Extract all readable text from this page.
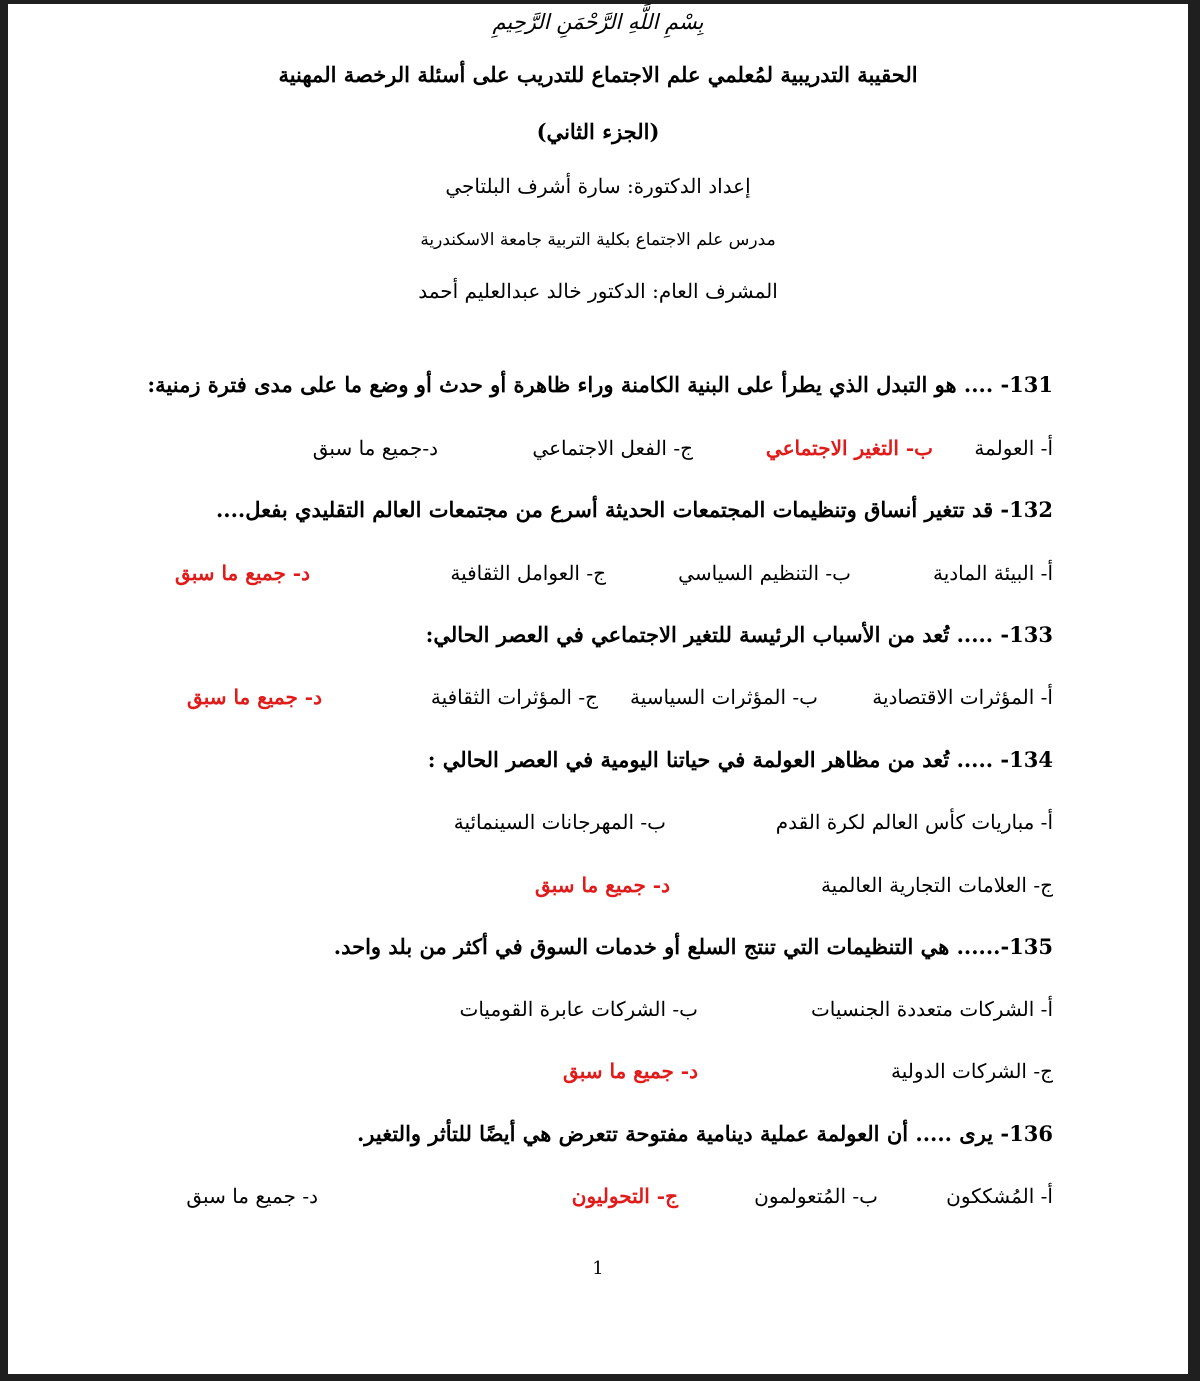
بِسْمِ اللَّهِ الرَّحْمَنِ الرَّحِيمِ
الحقيبة التدريبية لمُعلمي علم الاجتماع للتدريب على أسئلة الرخصة المهنية
(الجزء الثاني)
إعداد الدكتورة: سارة أشرف البلتاجي
مدرس علم الاجتماع بكلية التربية جامعة الاسكندرية
المشرف العام: الدكتور خالد عبدالعليم أحمد
131- .... هو التبدل الذي يطرأ على البنية الكامنة وراء ظاهرة أو حدث أو وضع ما على مدى فترة زمنية:
أ- العولمة
ب- التغير الاجتماعي
ج- الفعل الاجتماعي
د-جميع ما سبق
132- قد تتغير أنساق وتنظيمات المجتمعات الحديثة أسرع من مجتمعات العالم التقليدي بفعل....
أ- البيئة المادية
ب- التنظيم السياسي
ج- العوامل الثقافية
د- جميع ما سبق
133- ..... تُعد من الأسباب الرئيسة للتغير الاجتماعي في العصر الحالي:
أ- المؤثرات الاقتصادية
ب- المؤثرات السياسية
ج- المؤثرات الثقافية
د- جميع ما سبق
134- ..... تُعد من مظاهر العولمة في حياتنا اليومية في العصر الحالي :
أ- مباريات كأس العالم لكرة القدم
ب- المهرجانات السينمائية
ج- العلامات التجارية العالمية
د- جميع ما سبق
135-...... هي التنظيمات التي تنتج السلع أو خدمات السوق في أكثر من بلد واحد.
أ- الشركات متعددة الجنسيات
ب- الشركات عابرة القوميات
ج- الشركات الدولية
د- جميع ما سبق
136- يرى ..... أن العولمة عملية دينامية مفتوحة تتعرض هي أيضًا للتأثر والتغير.
أ- المُشككون
ب- المُتعولمون
ج- التحوليون
د- جميع ما سبق
1
